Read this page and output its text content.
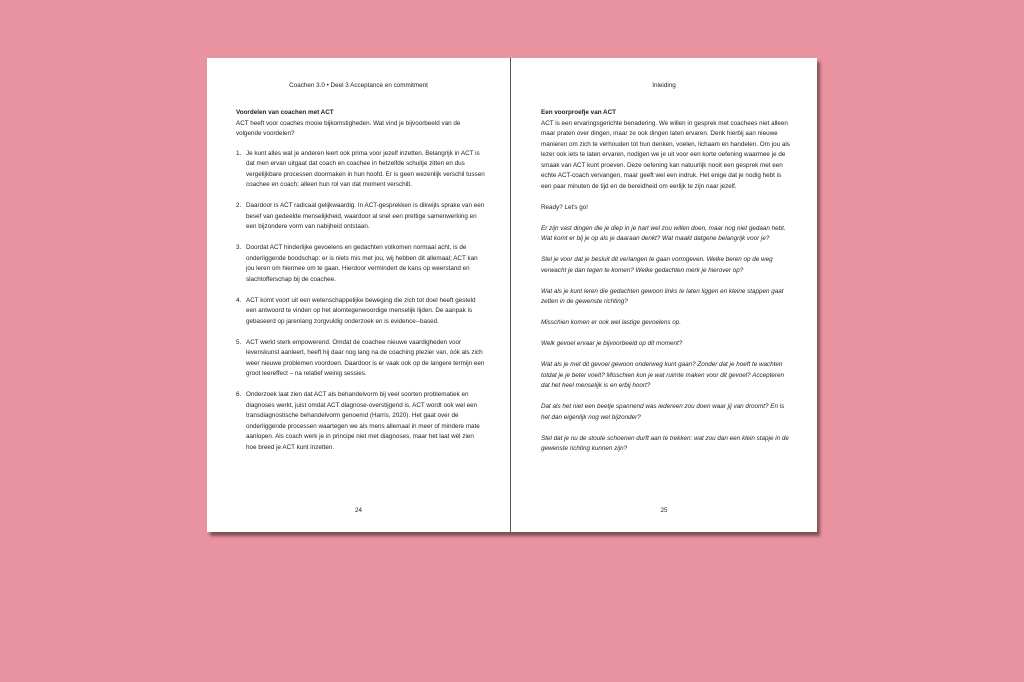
Coachen 3.0 • Deel 3 Acceptance en commitment
Voordelen van coachen met ACT
ACT heeft voor coaches mooie bijkomstigheden. Wat vind je bijvoorbeeld van de volgende voordelen?
1. Je kunt alles wat je anderen leert ook prima voor jezelf inzetten. Belangrijk in ACT is dat men ervan uitgaat dat coach en coachee in hetzelfde schuitje zitten en dus vergelijkbare processen doormaken in hun hoofd. Er is geen wezenlijk verschil tussen coachee en coach; alleen hun rol van dat moment verschilt.
2. Daardoor is ACT radicaal gelijkwaardig. In ACT-gesprekken is dikwijls sprake van een besef van gedeelde menselijkheid, waardoor al snel een prettige samenwerking en een bijzondere vorm van nabijheid ontstaan.
3. Doordat ACT hinderlijke gevoelens en gedachten volkomen normaal acht, is de onderliggende boodschap: er is niets mis met jou, wij hebben dit allemaal; ACT kan jou leren om hiermee om te gaan. Hierdoor vermindert de kans op weerstand en slachtofferschap bij de coachee.
4. ACT komt voort uit een wetenschappelijke beweging die zich tot doel heeft gesteld een antwoord te vinden op het alomtegenwoordige menselijk lijden. De aanpak is gebaseerd op jarenlang zorgvuldig onderzoek en is evidence--based.
5. ACT werkt sterk empowerend. Omdat de coachee nieuwe vaardigheden voor levenskunst aanleert, heeft hij daar nog lang na de coaching plezier van, óók als zich weer nieuwe problemen voordoen. Daardoor is er vaak ook op de langere termijn een groot leereffect – na relatief weinig sessies.
6. Onderzoek laat zien dat ACT als behandelvorm bij veel soorten problematiek en diagnoses werkt, juist omdat ACT diagnose-overstijgend is. ACT wordt ook wel een transdiagnostische behandelvorm genoemd (Harris, 2020). Het gaat over de onderliggende processen waartegen we als mens allemaal in meer of mindere mate aanlopen. Als coach werk je in principe niet met diagnoses, maar het laat wél zien hoe breed je ACT kunt inzetten.
24
Inleiding
Een voorproefje van ACT
ACT is een ervaringsgerichte benadering. We willen in gesprek met coachees niet alleen maar praten over dingen, maar ze ook dingen laten ervaren. Denk hierbij aan nieuwe manieren om zich te verhouden tot hun denken, voelen, lichaam en handelen. Om jou als lezer ook iets te laten ervaren, nodigen we je uit voor een korte oefening waarmee je de smaak van ACT kunt proeven. Deze oefening kan natuurlijk nooit een gesprek met een echte ACT-coach vervangen, maar geeft wel een indruk. Het enige dat je nodig hebt is een paar minuten de tijd en de bereidheid om eerlijk te zijn naar jezelf.
Ready? Let's go!
Er zijn vast dingen die je diep in je hart wel zou willen doen, maar nog niet gedaan hebt. Wat komt er bij je op als je daaraan denkt? Wat maakt datgene belangrijk voor je?
Stel je voor dat je besluit dit verlangen te gaan vormgeven. Welke beren op de weg verwacht je dan tegen te komen? Welke gedachten merk je hierover op?
Wat als je kunt leren die gedachten gewoon links te laten liggen en kleine stappen gaat zetten in de gewenste richting?
Misschien komen er ook wel lastige gevoelens op.
Welk gevoel ervaar je bijvoorbeeld op dit moment?
Wat als je met dit gevoel gewoon onderweg kunt gaan? Zonder dat je hoeft te wachten totdat je je beter voelt? Misschien kun je wat ruimte maken voor dit gevoel? Accepteren dat het heel menselijk is en erbij hoort?
Dat als het niet een beetje spannend was iedereen zou doen waar jij van droomt? En is het dan eigenlijk nog wel bijzonder?
Stel dat je nu de stoute schoenen durft aan te trekken: wat zou dan een klein stapje in de gewenste richting kunnen zijn?
25
